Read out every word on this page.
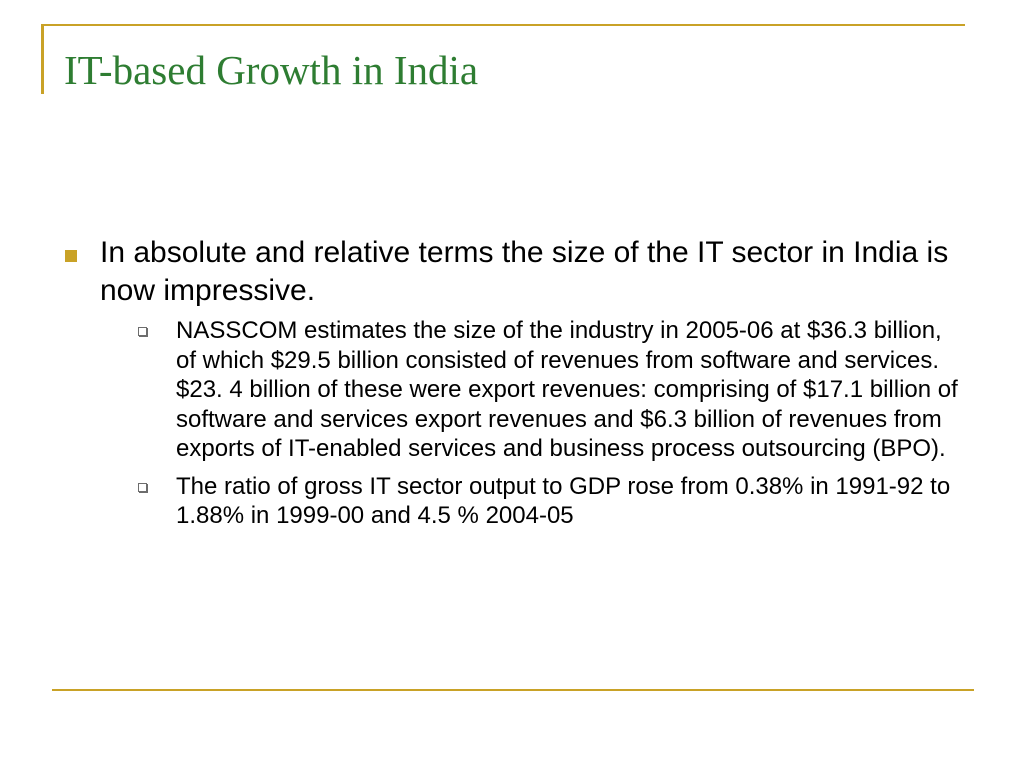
IT-based Growth in India
In absolute and relative terms the size of the IT sector in India is now impressive.
NASSCOM estimates the size of the industry in 2005-06 at $36.3 billion, of which $29.5 billion consisted of revenues from software and services. $23. 4 billion of these were export revenues: comprising of $17.1 billion of software and services export revenues and $6.3 billion of revenues from exports of IT-enabled services and business process outsourcing (BPO).
The ratio of gross IT sector output to GDP rose from 0.38% in 1991-92 to 1.88% in 1999-00 and 4.5 % 2004-05
